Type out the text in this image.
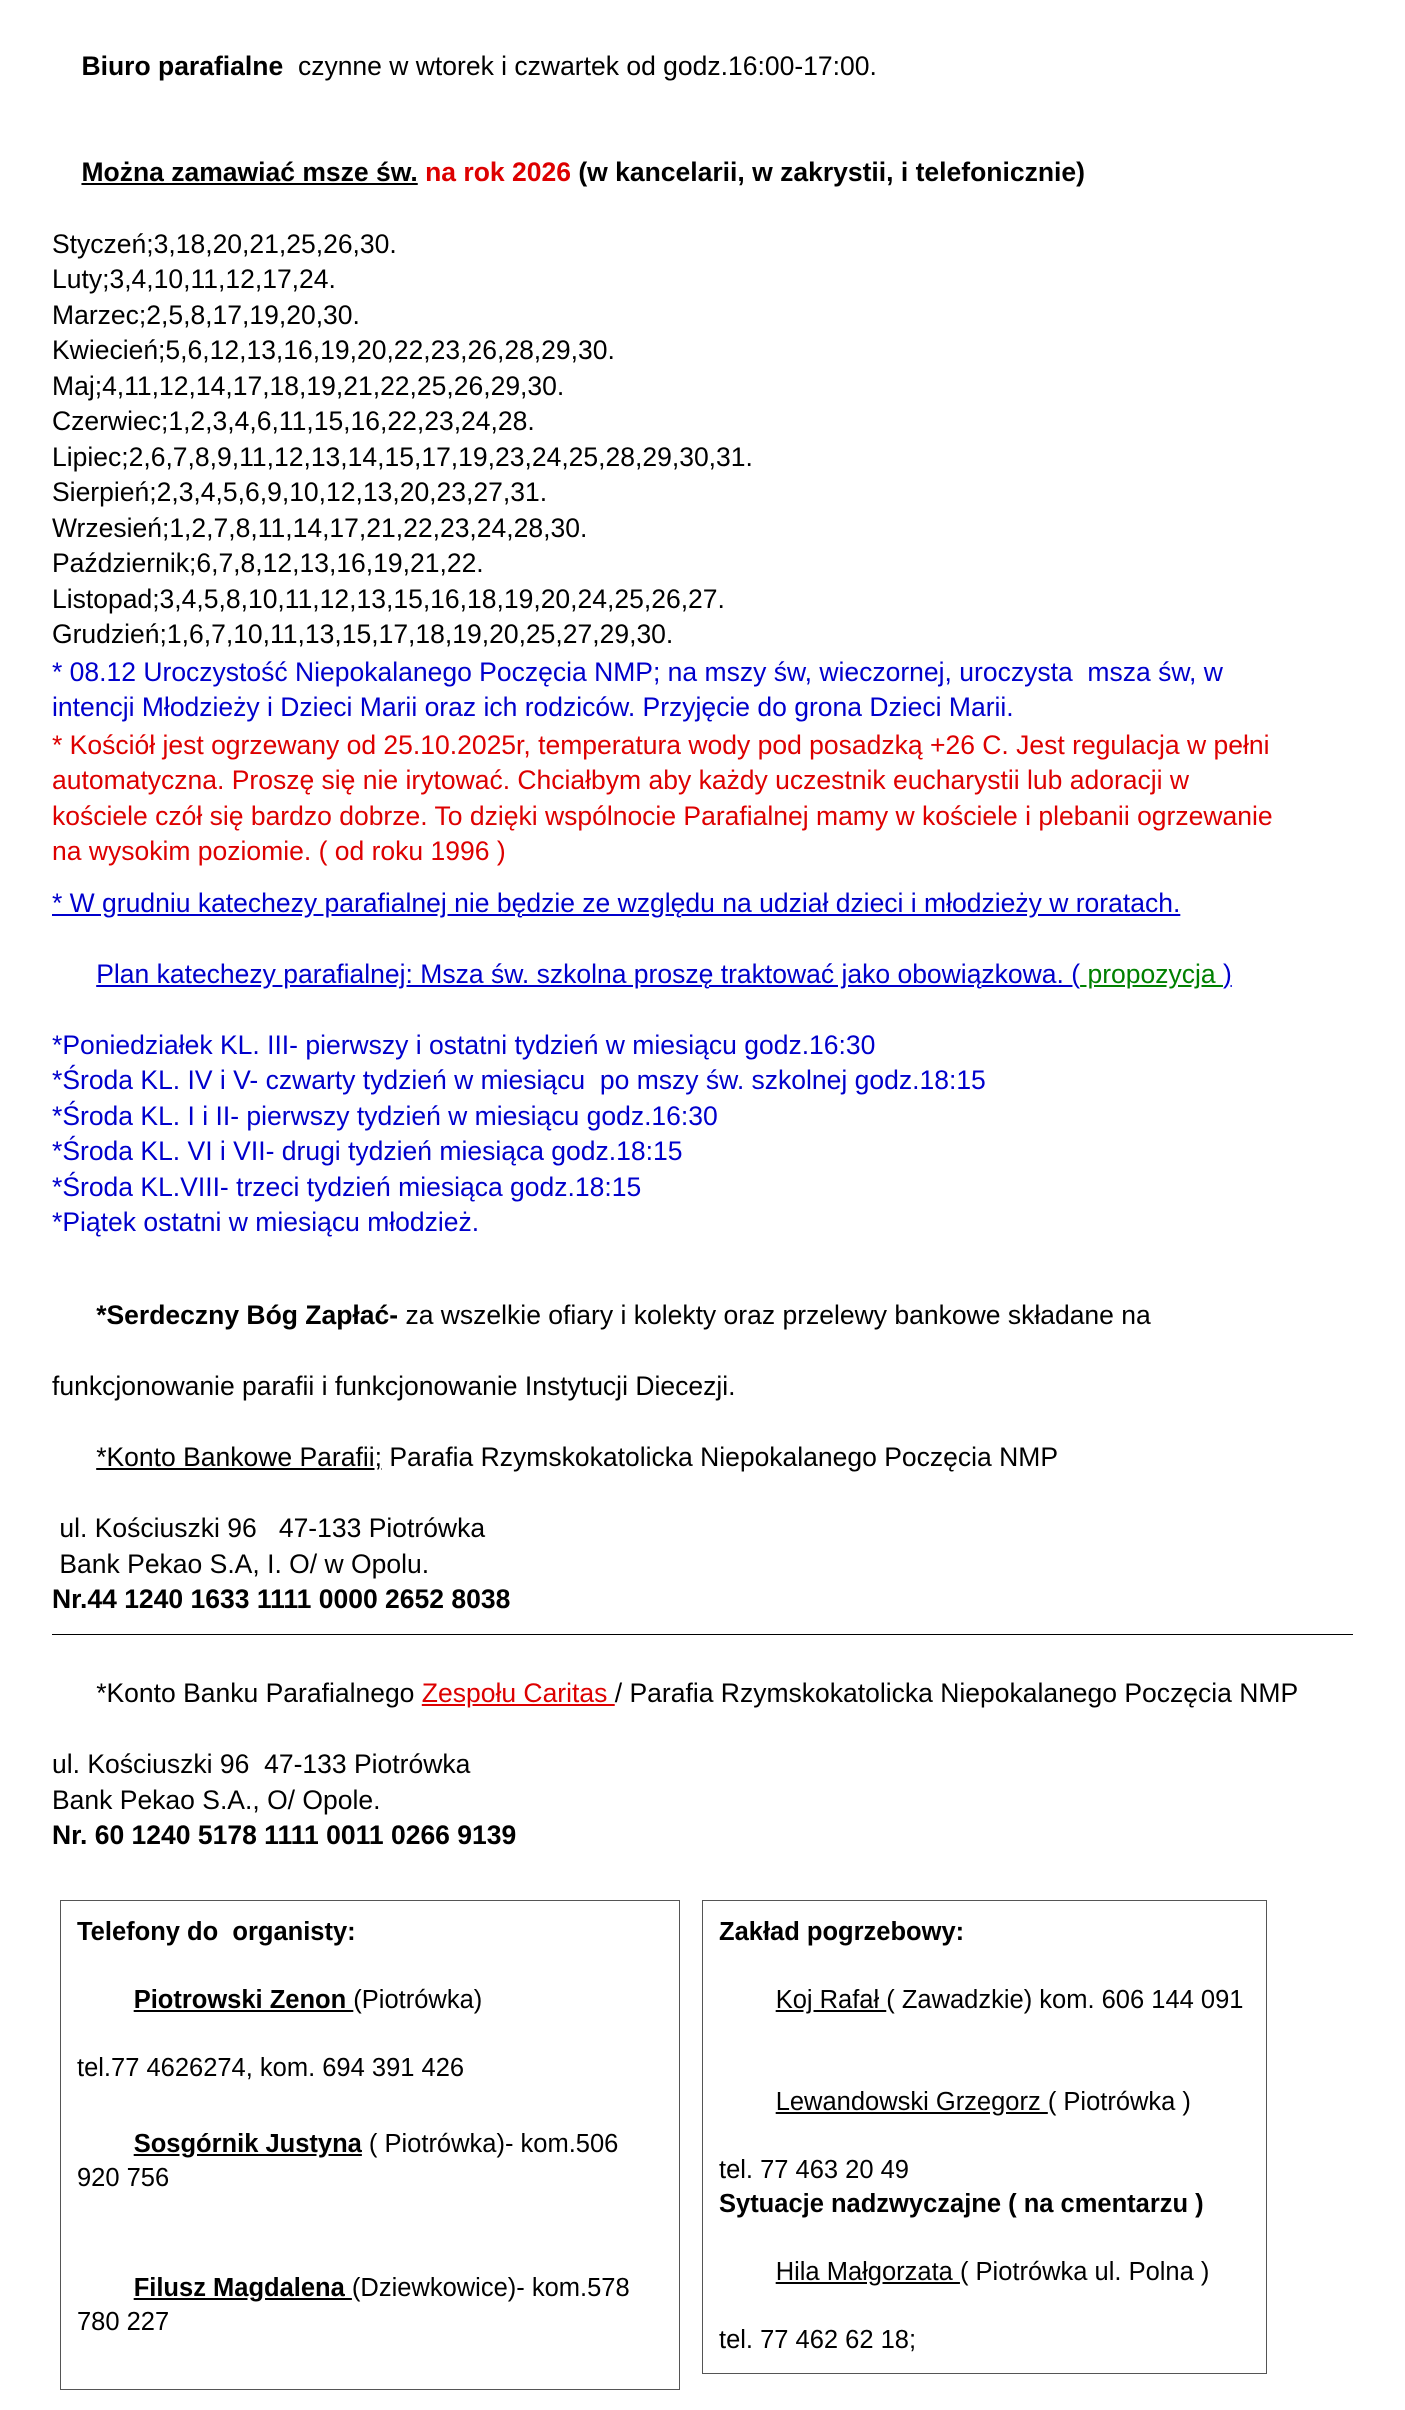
Biuro parafialne czynne w wtorek i czwartek od godz.16:00-17:00.

Można zamawiać msze św. na rok 2026 (w kancelarii, w zakrystii, i telefonicznie)

Styczeń;3,18,20,21,25,26,30.
Luty;3,4,10,11,12,17,24.
Marzec;2,5,8,17,19,20,30.
Kwiecień;5,6,12,13,16,19,20,22,23,26,28,29,30.
Maj;4,11,12,14,17,18,19,21,22,25,26,29,30.
Czerwiec;1,2,3,4,6,11,15,16,22,23,24,28.
Lipiec;2,6,7,8,9,11,12,13,14,15,17,19,23,24,25,28,29,30,31.
Sierpień;2,3,4,5,6,9,10,12,13,20,23,27,31.
Wrzesień;1,2,7,8,11,14,17,21,22,23,24,28,30.
Październik;6,7,8,12,13,16,19,21,22.
Listopad;3,4,5,8,10,11,12,13,15,16,18,19,20,24,25,26,27.
Grudzień;1,6,7,10,11,13,15,17,18,19,20,25,27,29,30.
* 08.12 Uroczystość Niepokalanego Poczęcia NMP; na mszy św, wieczornej, uroczysta  msza św, w
intencji Młodzieży i Dzieci Marii oraz ich rodziców. Przyjęcie do grona Dzieci Marii.
* Kościół jest ogrzewany od 25.10.2025r, temperatura wody pod posadzką +26 C. Jest regulacja w pełni
automatyczna. Proszę się nie irytować. Chciałbym aby każdy uczestnik eucharystii lub adoracji w
kościele czół się bardzo dobrze. To dzięki wspólnocie Parafialnej mamy w kościele i plebanii ogrzewanie
na wysokim poziomie. ( od roku 1996 )
* W grudniu katechezy parafialnej nie będzie ze względu na udział dzieci i młodzieży w roratach.

Plan katechezy parafialnej: Msza św. szkolna proszę traktować jako obowiązkowa. ( propozycja )

*Poniedziałek KL. III- pierwszy i ostatni tydzień w miesiącu godz.16:30
*Środa KL. IV i V- czwarty tydzień w miesiącu  po mszy św. szkolnej godz.18:15
*Środa KL. I i II- pierwszy tydzień w miesiącu godz.16:30
*Środa KL. VI i VII- drugi tydzień miesiąca godz.18:15
*Środa KL.VIII- trzeci tydzień miesiąca godz.18:15
*Piątek ostatni w miesiącu młodzież.

*Serdeczny Bóg Zapłać- za wszelkie ofiary i kolekty oraz przelewy bankowe składane na

funkcjonowanie parafii i funkcjonowanie Instytucji Diecezji.

*Konto Bankowe Parafii; Parafia Rzymskokatolicka Niepokalanego Poczęcia NMP

ul. Kościuszki 96   47-133 Piotrówka
Bank Pekao S.A, I. O/ w Opolu.
Nr.44 1240 1633 1111 0000 2652 8038

*Konto Banku Parafialnego Zespołu Caritas / Parafia Rzymskokatolicka Niepokalanego Poczęcia NMP

ul. Kościuszki 96  47-133 Piotrówka
Bank Pekao S.A., O/ Opole.
Nr. 60 1240 5178 1111 0011 0266 9139
Telefony do  organisty:

Piotrowski Zenon (Piotrówka)

tel.77 4626274, kom. 694 391 426

Sosgórnik Justyna ( Piotrówka)- kom.506 920 756

Filusz Magdalena (Dziewkowice)- kom.578 780 227

Zakład pogrzebowy:

Koj Rafał ( Zawadzkie) kom. 606 144 091

Lewandowski Grzegorz ( Piotrówka )

tel. 77 463 20 49
Sytuacje nadzwyczajne ( na cmentarzu )

Hila Małgorzata ( Piotrówka ul. Polna )

tel. 77 462 62 18;
